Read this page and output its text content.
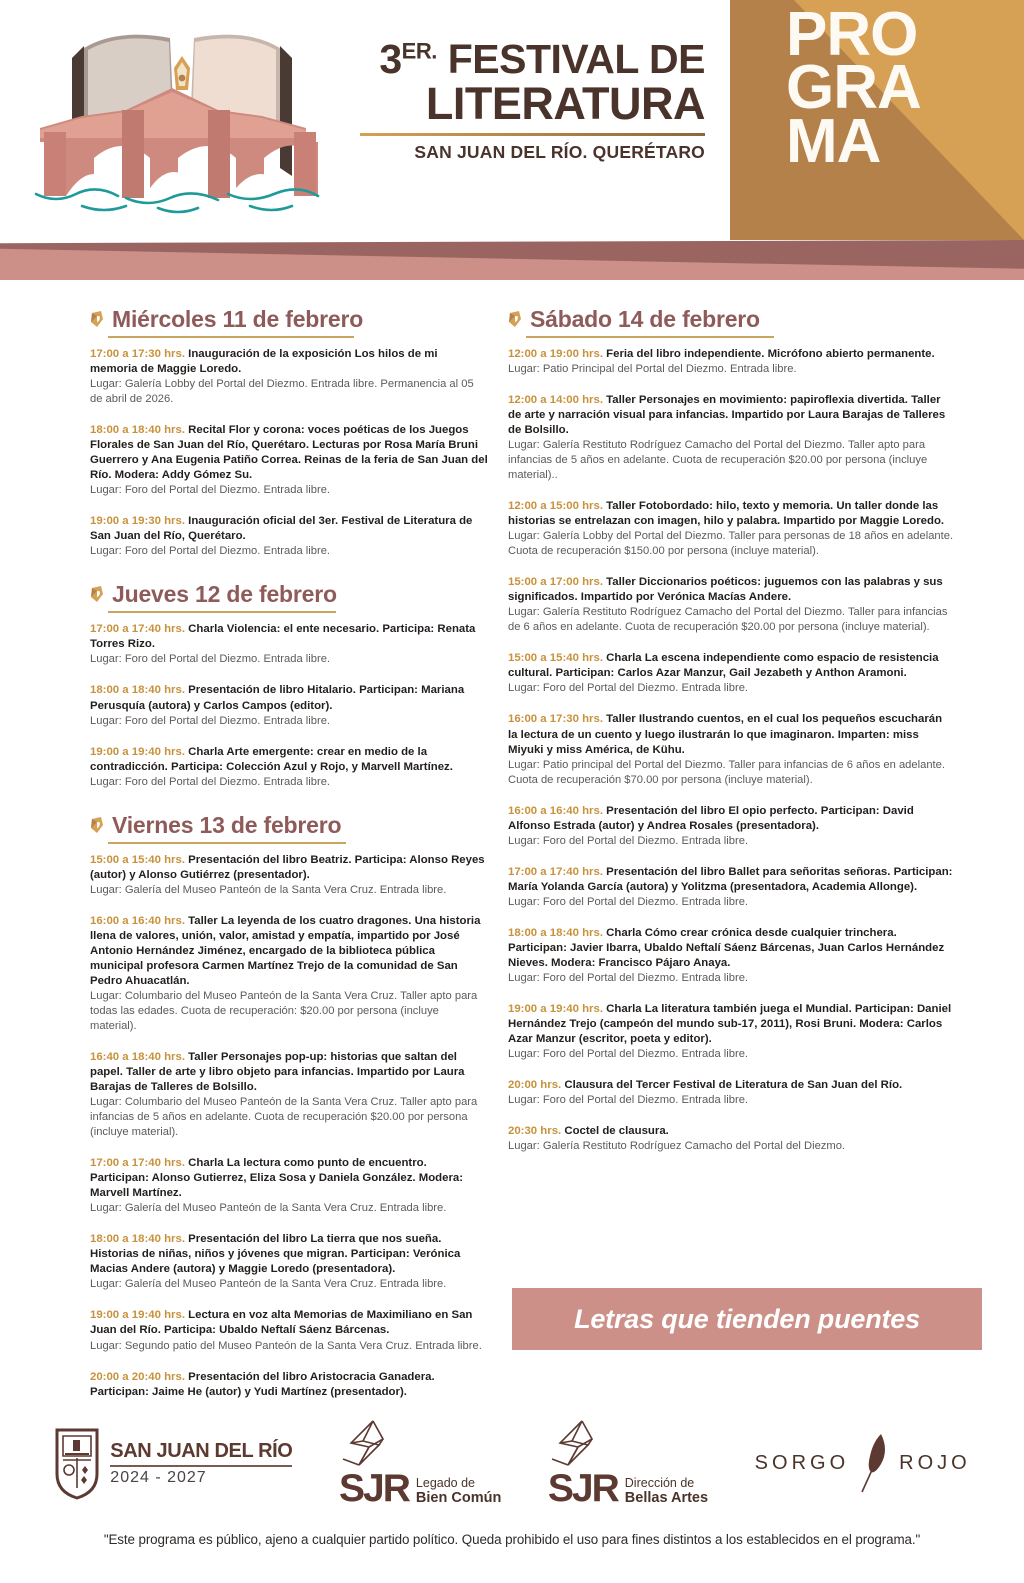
PRO
GRA
MA
$3^{ER.}$ FESTIVAL DE
LITERATURA
SAN JUAN DEL RÍO. QUERÉTARO
Miércoles 11 de febrero
17:00 a 17:30 hrs. Inauguración de la exposición Los hilos de mi memoria de Maggie Loredo.
Lugar: Galería Lobby del Portal del Diezmo. Entrada libre. Permanencia al 05 de abril de 2026.
18:00 a 18:40 hrs. Recital Flor y corona: voces poéticas de los Juegos Florales de San Juan del Río, Querétaro. Lecturas por Rosa María Bruni Guerrero y Ana Eugenia Patiño Correa. Reinas de la feria de San Juan del Río. Modera: Addy Gómez Su.
Lugar: Foro del Portal del Diezmo. Entrada libre.
19:00 a 19:30 hrs. Inauguración oficial del 3er. Festival de Literatura de San Juan del Río, Querétaro.
Lugar: Foro del Portal del Diezmo. Entrada libre.
Jueves 12 de febrero
17:00 a 17:40 hrs. Charla Violencia: el ente necesario. Participa: Renata Torres Rizo.
Lugar: Foro del Portal del Diezmo. Entrada libre.
18:00 a 18:40 hrs. Presentación de libro Hitalario. Participan: Mariana Perusquía (autora) y Carlos Campos (editor).
Lugar: Foro del Portal del Diezmo. Entrada libre.
19:00 a 19:40 hrs. Charla Arte emergente: crear en medio de la contradicción. Participa: Colección Azul y Rojo, y Marvell Martínez.
Lugar: Foro del Portal del Diezmo. Entrada libre.
Viernes 13 de febrero
15:00 a 15:40 hrs. Presentación del libro Beatriz. Participa: Alonso Reyes (autor) y Alonso Gutiérrez (presentador).
Lugar: Galería del Museo Panteón de la Santa Vera Cruz. Entrada libre.
16:00 a 16:40 hrs. Taller La leyenda de los cuatro dragones. Una historia llena de valores, unión, valor, amistad y empatía, impartido por José Antonio Hernández Jiménez, encargado de la biblioteca pública municipal profesora Carmen Martínez Trejo de la comunidad de San Pedro Ahuacatlán.
Lugar: Columbario del Museo Panteón de la Santa Vera Cruz. Taller apto para todas las edades. Cuota de recuperación: $20.00 por persona (incluye material).
16:40 a 18:40 hrs. Taller Personajes pop-up: historias que saltan del papel. Taller de arte y libro objeto para infancias. Impartido por Laura Barajas de Talleres de Bolsillo.
Lugar: Columbario del Museo Panteón de la Santa Vera Cruz. Taller apto para infancias de 5 años en adelante. Cuota de recuperación $20.00 por persona (incluye material).
17:00 a 17:40 hrs. Charla La lectura como punto de encuentro. Participan: Alonso Gutierrez, Eliza Sosa y Daniela González. Modera: Marvell Martínez.
Lugar: Galería del Museo Panteón de la Santa Vera Cruz. Entrada libre.
18:00 a 18:40 hrs. Presentación del libro La tierra que nos sueña. Historias de niñas, niños y jóvenes que migran. Participan: Verónica Macias Andere (autora) y Maggie Loredo (presentadora).
Lugar: Galería del Museo Panteón de la Santa Vera Cruz. Entrada libre.
19:00 a 19:40 hrs. Lectura en voz alta Memorias de Maximiliano en San Juan del Río. Participa: Ubaldo Neftalí Sáenz Bárcenas.
Lugar: Segundo patio del Museo Panteón de la Santa Vera Cruz. Entrada libre.
20:00 a 20:40 hrs. Presentación del libro Aristocracia Ganadera. Participan: Jaime He (autor) y Yudi Martínez (presentador).
Sábado 14 de febrero
12:00 a 19:00 hrs. Feria del libro independiente. Micrófono abierto permanente.
Lugar: Patio Principal del Portal del Diezmo. Entrada libre.
12:00 a 14:00 hrs. Taller Personajes en movimiento: papiroflexia divertida. Taller de arte y narración visual para infancias. Impartido por Laura Barajas de Talleres de Bolsillo.
Lugar: Galería Restituto Rodríguez Camacho del Portal del Diezmo. Taller apto para infancias de 5 años en adelante. Cuota de recuperación $20.00 por persona (incluye material)..
12:00 a 15:00 hrs. Taller Fotobordado: hilo, texto y memoria. Un taller donde las historias se entrelazan con imagen, hilo y palabra. Impartido por Maggie Loredo.
Lugar: Galería Lobby del Portal del Diezmo. Taller para personas de 18 años en adelante. Cuota de recuperación $150.00 por persona (incluye material).
15:00 a 17:00 hrs. Taller Diccionarios poéticos: juguemos con las palabras y sus significados. Impartido por Verónica Macías Andere.
Lugar: Galería Restituto Rodríguez Camacho del Portal del Diezmo. Taller para infancias de 6 años en adelante. Cuota de recuperación $20.00 por persona (incluye material).
15:00 a 15:40 hrs. Charla La escena independiente como espacio de resistencia cultural. Participan: Carlos Azar Manzur, Gail Jezabeth y Anthon Aramoni.
Lugar: Foro del Portal del Diezmo. Entrada libre.
16:00 a 17:30 hrs. Taller Ilustrando cuentos, en el cual los pequeños escucharán la lectura de un cuento y luego ilustrarán lo que imaginaron. Imparten: miss Miyuki y miss América, de Kühu.
Lugar: Patio principal del Portal del Diezmo. Taller para infancias de 6 años en adelante. Cuota de recuperación $70.00 por persona (incluye material).
16:00 a 16:40 hrs. Presentación del libro El opio perfecto. Participan: David Alfonso Estrada (autor) y Andrea Rosales (presentadora).
Lugar: Foro del Portal del Diezmo. Entrada libre.
17:00 a 17:40 hrs. Presentación del libro Ballet para señoritas señoras. Participan: María Yolanda García (autora) y Yolitzma (presentadora, Academia Allonge).
Lugar: Foro del Portal del Diezmo. Entrada libre.
18:00 a 18:40 hrs. Charla Cómo crear crónica desde cualquier trinchera. Participan: Javier Ibarra, Ubaldo Neftalí Sáenz Bárcenas, Juan Carlos Hernández Nieves. Modera: Francisco Pájaro Anaya.
Lugar: Foro del Portal del Diezmo. Entrada libre.
19:00 a 19:40 hrs. Charla La literatura también juega el Mundial. Participan: Daniel Hernández Trejo (campeón del mundo sub-17, 2011), Rosi Bruni. Modera: Carlos Azar Manzur (escritor, poeta y editor).
Lugar: Foro del Portal del Diezmo. Entrada libre.
20:00 hrs. Clausura del Tercer Festival de Literatura de San Juan del Río.
Lugar: Foro del Portal del Diezmo. Entrada libre.
20:30 hrs. Coctel de clausura.
Lugar: Galería Restituto Rodríguez Camacho del Portal del Diezmo.
Letras que tienden puentes
SAN JUAN DEL RÍO
2024 - 2027	SJR Legado de
Bien Común SJR Dirección de
Bellas Artes
SORGO	ROJO
"Este programa es público, ajeno a cualquier partido político. Queda prohibido el uso para fines distintos a los establecidos en el programa."
